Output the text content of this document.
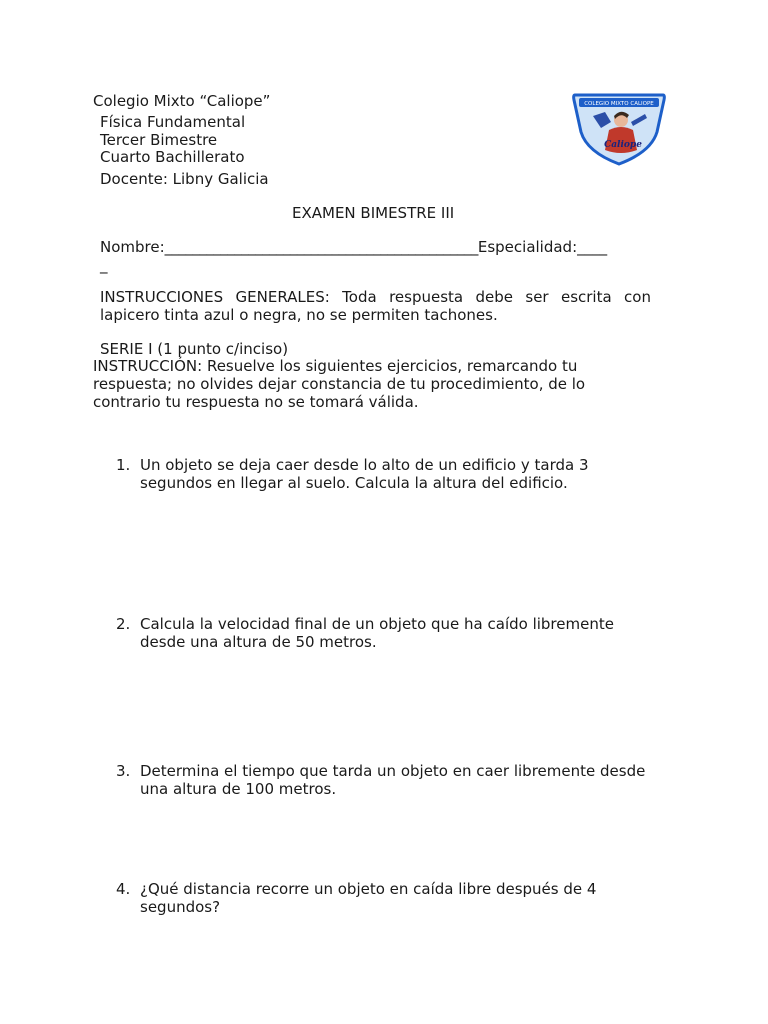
Colegio Mixto “Caliope”
Física Fundamental
Tercer Bimestre
Cuarto Bachillerato
Docente: Libny Galicia
COLEGIO MIXTO CALIOPE
Caliope
EXAMEN BIMESTRE III
Nombre:_____________________________________________Especialidad:____
_
INSTRUCCIONES GENERALES: Toda respuesta debe ser escrita con
lapicero tinta azul o negra, no se permiten tachones.
SERIE I (1 punto c/inciso)
INSTRUCCIÓN: Resuelve los siguientes ejercicios, remarcando tu
respuesta; no olvides dejar constancia de tu procedimiento, de lo
contrario tu respuesta no se tomará válida.
1. Un objeto se deja caer desde lo alto de un edificio y tarda 3
segundos en llegar al suelo. Calcula la altura del edificio.
2. Calcula la velocidad final de un objeto que ha caído libremente
desde una altura de 50 metros.
3. Determina el tiempo que tarda un objeto en caer libremente desde
una altura de 100 metros.
4. ¿Qué distancia recorre un objeto en caída libre después de 4
segundos?
